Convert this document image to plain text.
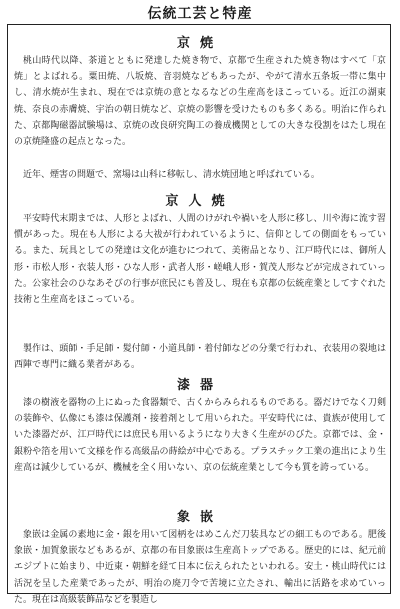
伝統工芸と特産
京焼

桃山時代以降、茶道とともに発達した焼き物で、京都で生産された焼き物はすべて「京焼」とよばれる。粟田焼、八坂焼、音羽焼などもあったが、やがて清水五条坂一帯に集中し、清水焼が生まれ、現在では京焼の意となるなどの生産高をほこっている。近江の湖東焼、奈良の赤膚焼、宇治の朝日焼など、京焼の影響を受けたものも多くある。明治に作られた、京都陶磁器試験場は、京焼の改良研究陶工の養成機関としての大きな役割をはたし現在の京焼隆盛の起点となった。

近年、煙害の問題で、窯場は山科に移転し、清水焼団地と呼ばれている。

京人焼

平安時代末期までは、人形とよばれ、人間のけがれや禍いを人形に移し、川や海に流す習慣があった。現在も人形による大祓が行われているように、信仰としての側面をもっている。また、玩具としての発達は文化が進むにつれて、美術品となり、江戸時代には、御所人形・市松人形・衣装人形・ひな人形・武者人形・嵯峨人形・賀茂人形などが完成されていった。公家社会のひなあそびの行事が庶民にも普及し、現在も京都の伝統産業としてすぐれた技術と生産高をほこっている。

製作は、頭師・手足師・髪付師・小道具師・着付師などの分業で行われ、衣装用の裂地は西陣で専門に織る業者がある。

漆器

漆の樹液を器物の上にぬった食器類で、古くからみられるものである。器だけでなく刀剣の装飾や、仏像にも漆は保護剤・接着剤として用いられた。平安時代には、貴族が使用していた漆器だが、江戸時代には庶民も用いるようになり大きく生産がのびた。京都では、金・銀粉や箔を用いて文様を作る高級品の蒔絵が中心である。プラスチック工業の進出により生産高は減少しているが、機械を全く用いない、京の伝統産業として今も質を誇っている。

象嵌

象嵌は金属の素地に金・銀を用いて図柄をはめこんだ刀装具などの細工ものである。肥後象嵌・加賀象嵌などもあるが、京都の布目象嵌は生産高トップである。歴史的には、紀元前エジプトに始まり、中近東・朝鮮を経て日本に伝えられたといわれる。安土・桃山時代には活況を呈した産業であったが、明治の廃刀令で苦境に立たされ、輸出に活路を求めていった。現在は高級装飾品などを製造し
